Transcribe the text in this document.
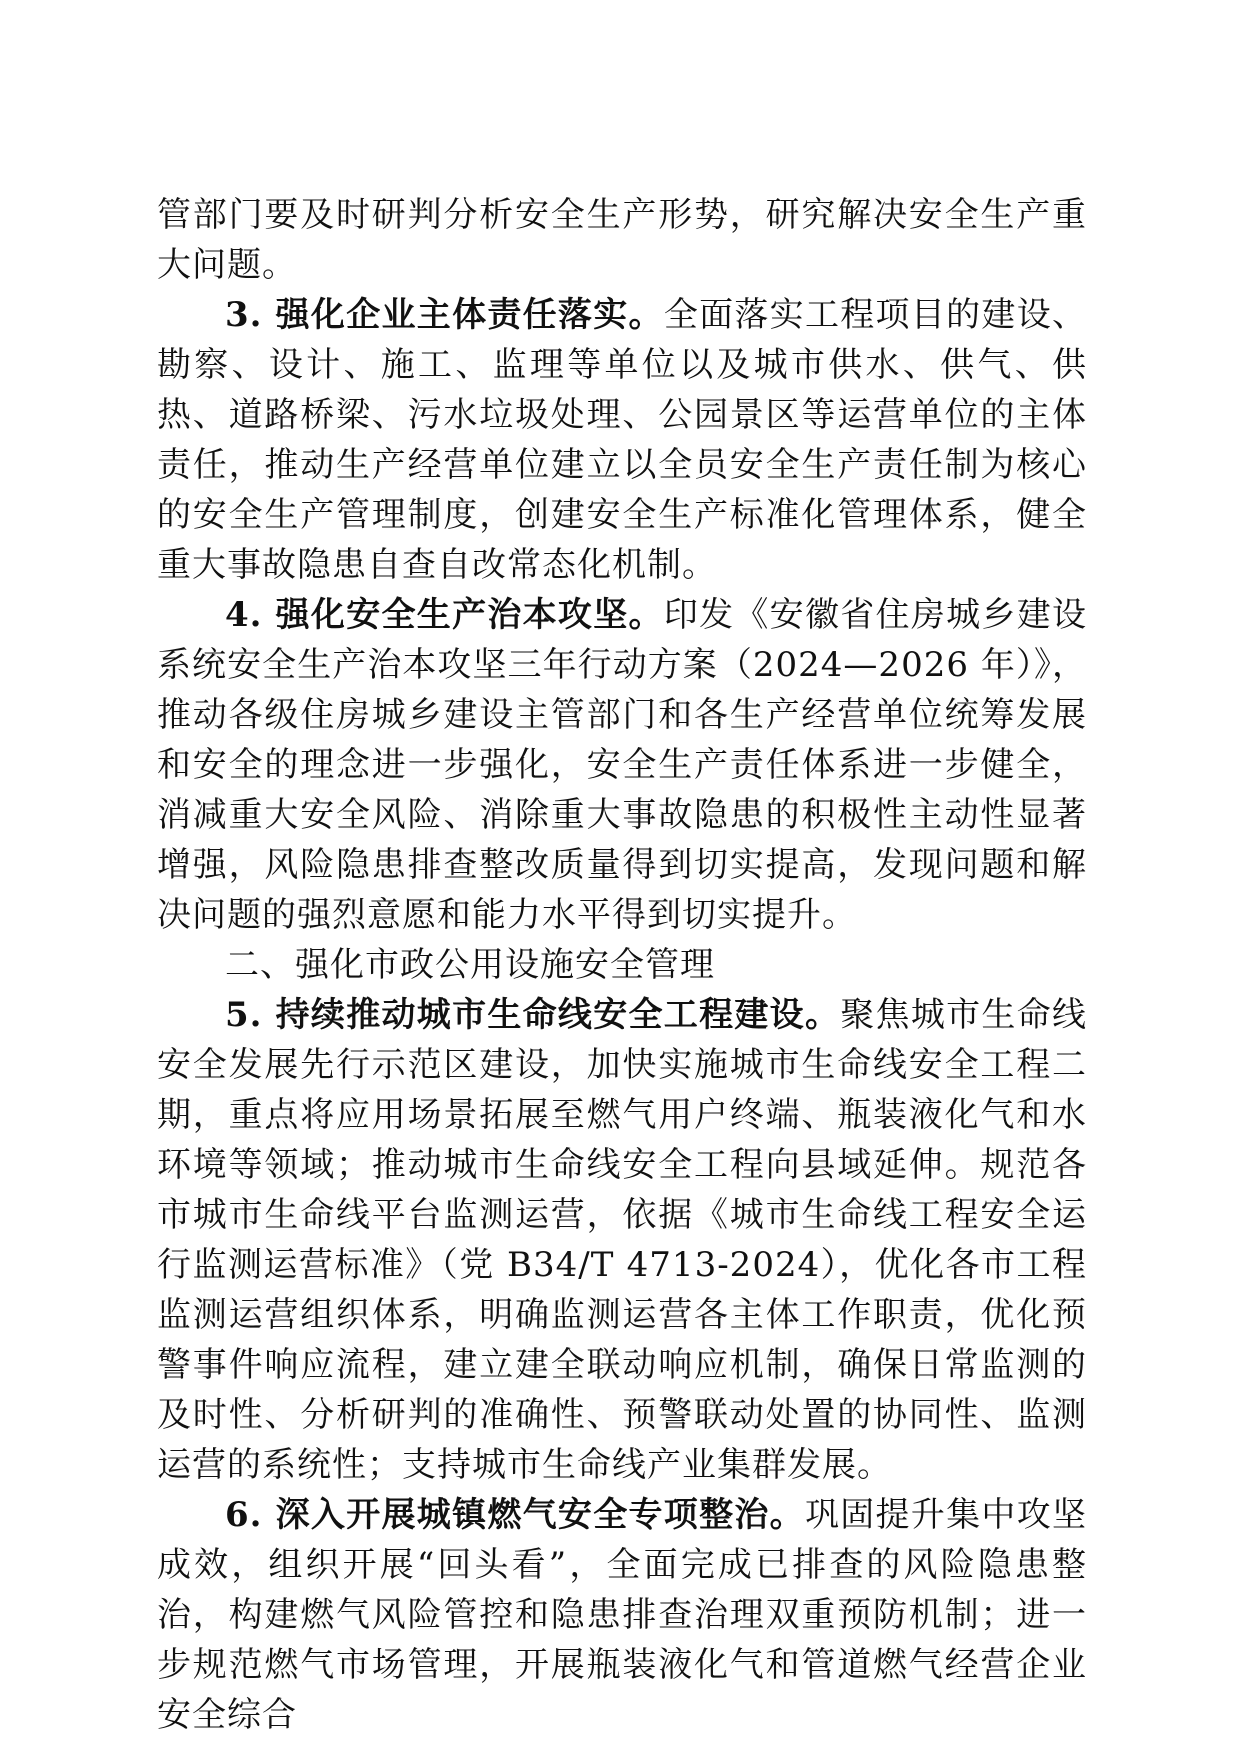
管部门要及时研判分析安全生产形势，研究解决安全生产重大问题。

3. 强化企业主体责任落实。全面落实工程项目的建设、勘察、设计、施工、监理等单位以及城市供水、供气、供热、道路桥梁、污水垃圾处理、公园景区等运营单位的主体责任，推动生产经营单位建立以全员安全生产责任制为核心的安全生产管理制度，创建安全生产标准化管理体系，健全重大事故隐患自查自改常态化机制。

4. 强化安全生产治本攻坚。印发《安徽省住房城乡建设系统安全生产治本攻坚三年行动方案（2024—2026 年）》，推动各级住房城乡建设主管部门和各生产经营单位统筹发展和安全的理念进一步强化，安全生产责任体系进一步健全，消减重大安全风险、消除重大事故隐患的积极性主动性显著增强，风险隐患排查整改质量得到切实提高，发现问题和解决问题的强烈意愿和能力水平得到切实提升。

二、强化市政公用设施安全管理

5. 持续推动城市生命线安全工程建设。聚焦城市生命线安全发展先行示范区建设，加快实施城市生命线安全工程二期，重点将应用场景拓展至燃气用户终端、瓶装液化气和水环境等领域；推动城市生命线安全工程向县域延伸。规范各市城市生命线平台监测运营，依据《城市生命线工程安全运行监测运营标准》（党 B34/T 4713-2024），优化各市工程监测运营组织体系，明确监测运营各主体工作职责，优化预警事件响应流程，建立建全联动响应机制，确保日常监测的及时性、分析研判的准确性、预警联动处置的协同性、监测运营的系统性；支持城市生命线产业集群发展。

6. 深入开展城镇燃气安全专项整治。巩固提升集中攻坚成效，组织开展“回头看”，全面完成已排查的风险隐患整治，构建燃气风险管控和隐患排查治理双重预防机制；进一步规范燃气市场管理，开展瓶装液化气和管道燃气经营企业安全综合
